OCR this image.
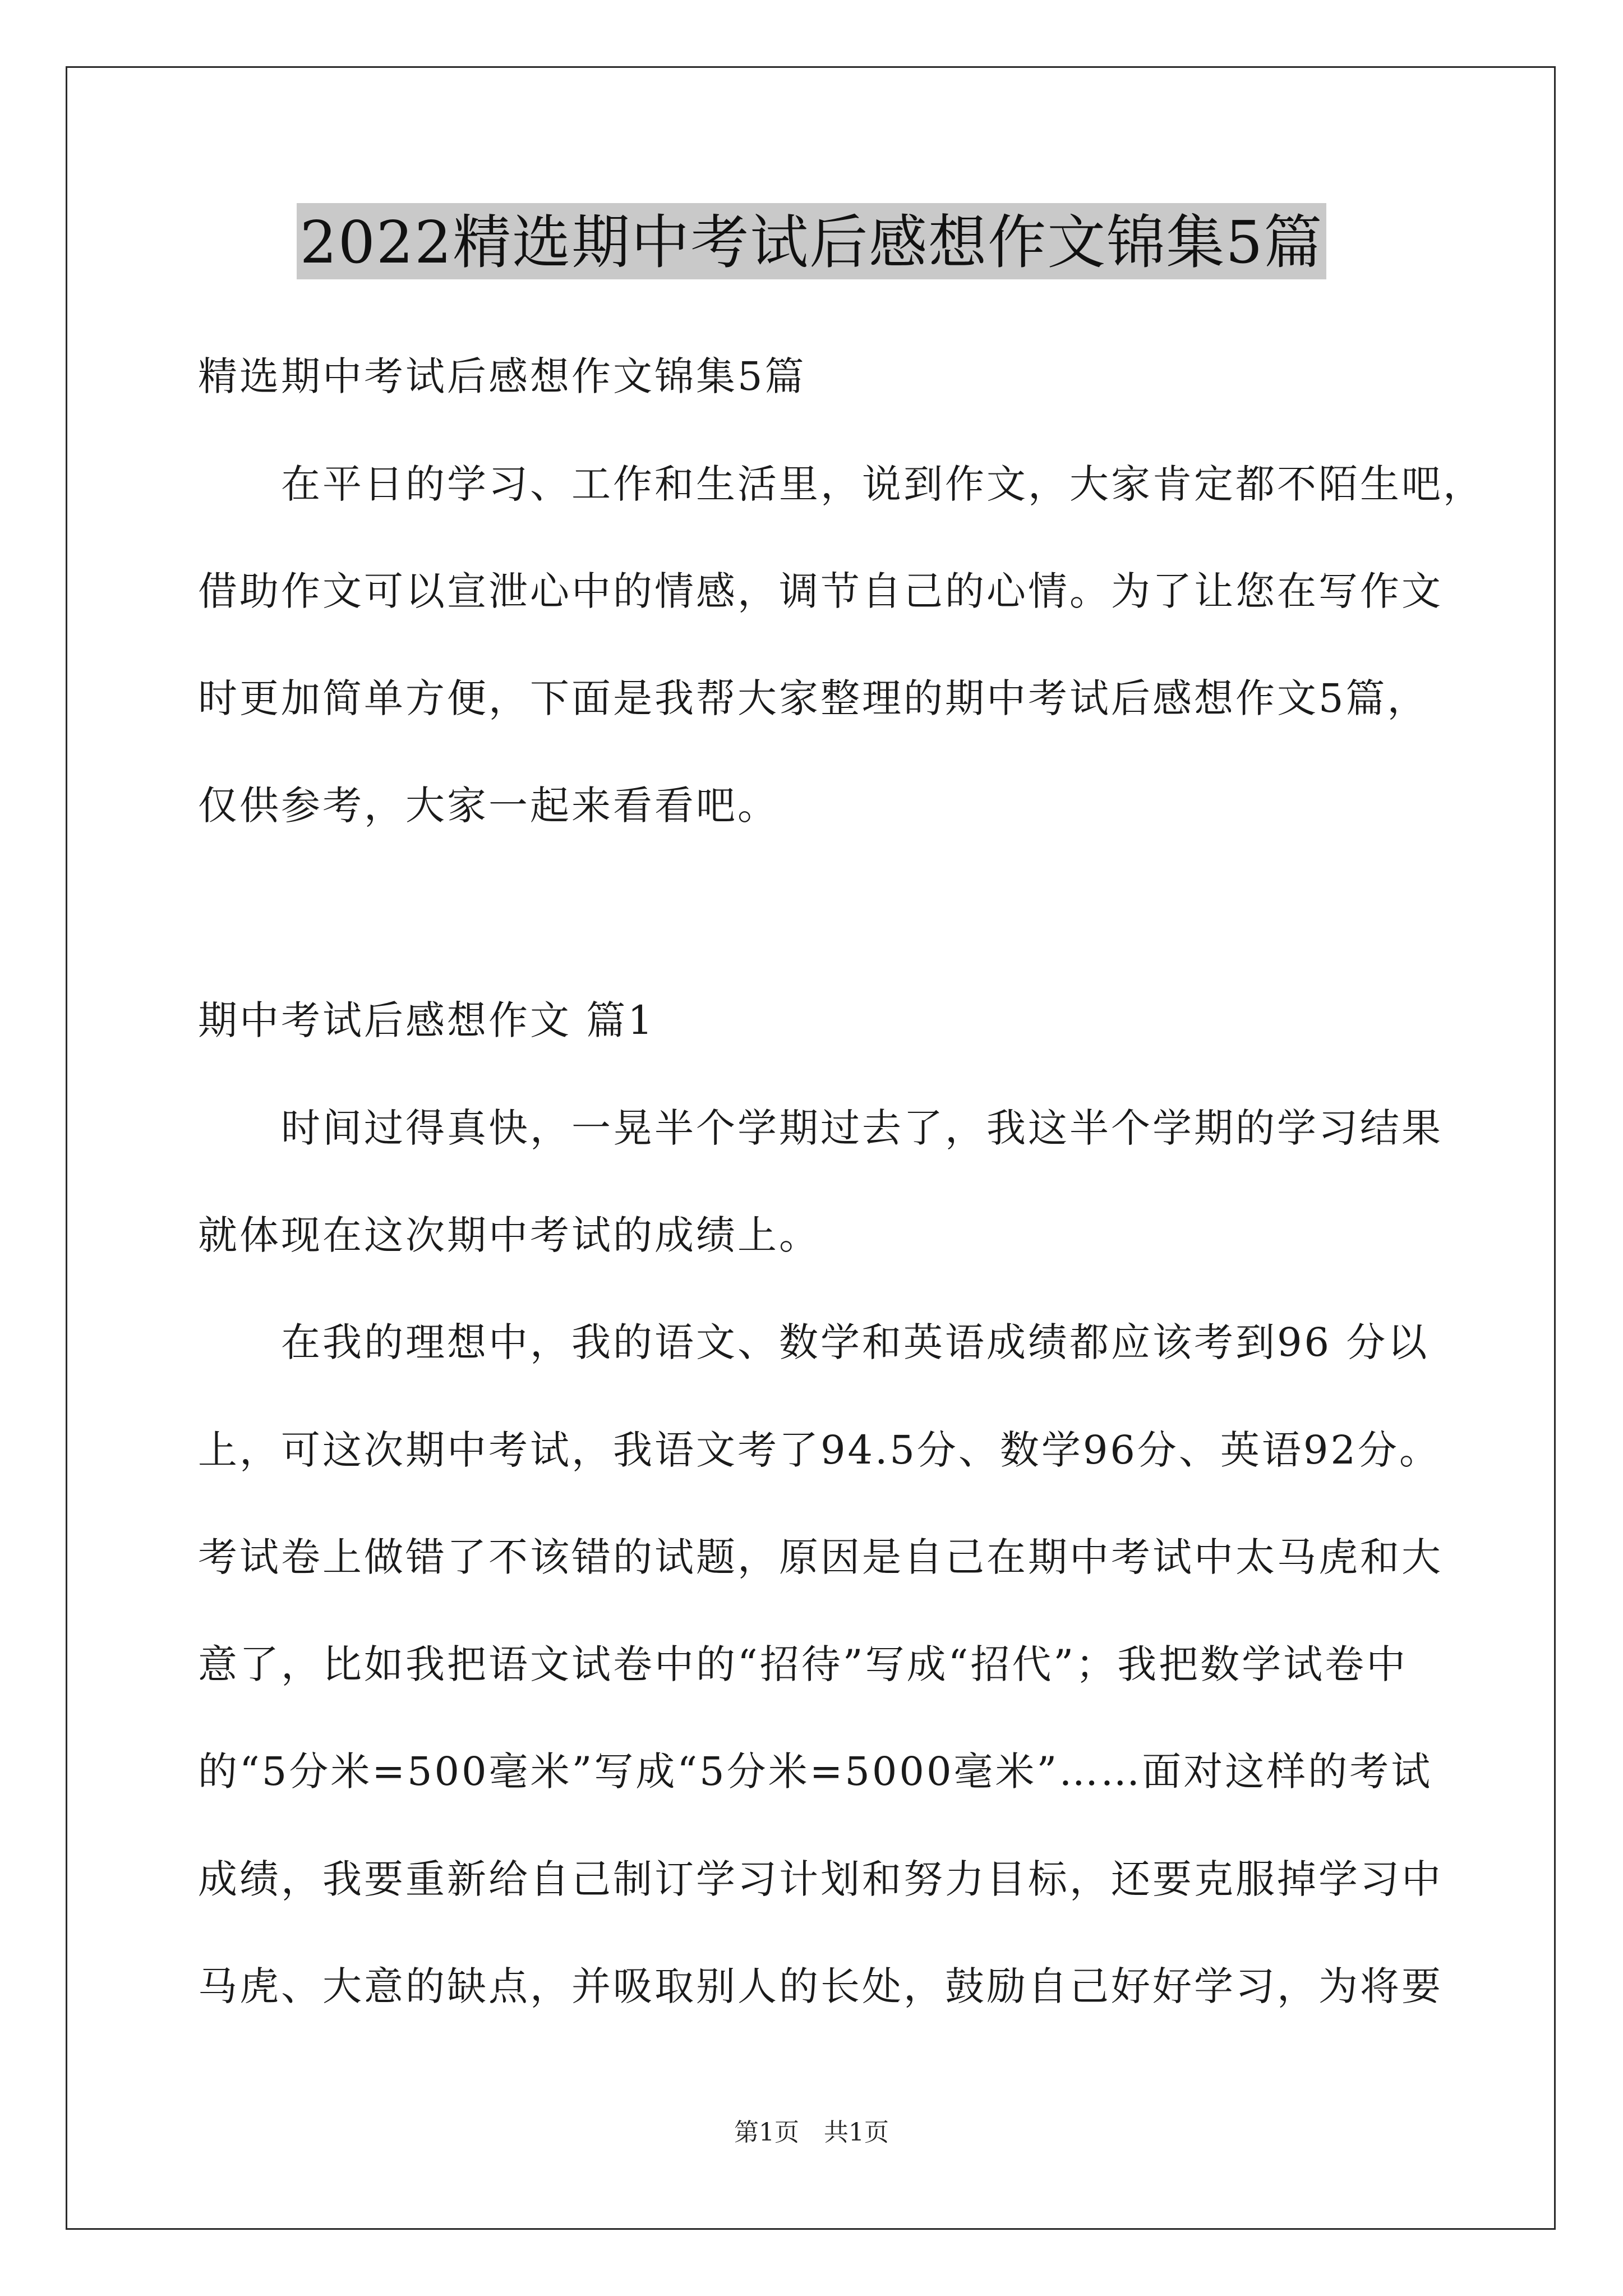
2022精选期中考试后感想作文锦集5篇
精选期中考试后感想作文锦集5篇
在平日的学习、工作和生活里，说到作文，大家肯定都不陌生吧，
借助作文可以宣泄心中的情感，调节自己的心情。为了让您在写作文
时更加简单方便，下面是我帮大家整理的期中考试后感想作文5篇，
仅供参考，大家一起来看看吧。
期中考试后感想作文 篇1
时间过得真快，一晃半个学期过去了，我这半个学期的学习结果
就体现在这次期中考试的成绩上。
在我的理想中，我的语文、数学和英语成绩都应该考到96 分以
上，可这次期中考试，我语文考了94.5分、数学96分、英语92分。
考试卷上做错了不该错的试题，原因是自己在期中考试中太马虎和大
意了，比如我把语文试卷中的“招待”写成“招代”；我把数学试卷中
的“5分米=500毫米”写成“5分米=5000毫米”……面对这样的考试
成绩，我要重新给自己制订学习计划和努力目标，还要克服掉学习中
马虎、大意的缺点，并吸取别人的长处，鼓励自己好好学习，为将要
第1页　共1页
